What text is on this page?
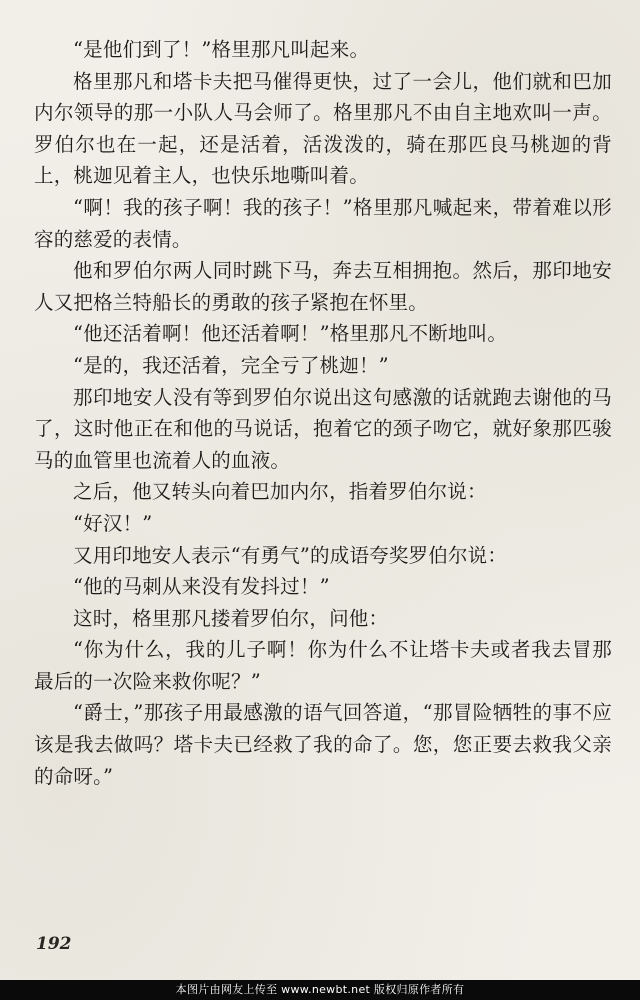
“是他们到了！”格里那凡叫起来。

格里那凡和塔卡夫把马催得更快，过了一会儿，他们就和巴加内尔领导的那一小队人马会师了。格里那凡不由自主地欢叫一声。罗伯尔也在一起，还是活着，活泼泼的，骑在那匹良马桃迦的背上，桃迦见着主人，也快乐地嘶叫着。

“啊！我的孩子啊！我的孩子！”格里那凡喊起来，带着难以形容的慈爱的表情。

他和罗伯尔两人同时跳下马，奔去互相拥抱。然后，那印地安人又把格兰特船长的勇敢的孩子紧抱在怀里。

“他还活着啊！他还活着啊！”格里那凡不断地叫。

“是的，我还活着，完全亏了桃迦！”

那印地安人没有等到罗伯尔说出这句感激的话就跑去谢他的马了，这时他正在和他的马说话，抱着它的颈子吻它，就好象那匹骏马的血管里也流着人的血液。

之后，他又转头向着巴加内尔，指着罗伯尔说：

“好汉！”

又用印地安人表示“有勇气”的成语夸奖罗伯尔说：

“他的马刺从来没有发抖过！”

这时，格里那凡搂着罗伯尔，问他：

“你为什么，我的儿子啊！你为什么不让塔卡夫或者我去冒那最后的一次险来救你呢？”

“爵士，”那孩子用最感激的语气回答道，“那冒险牺牲的事不应该是我去做吗？塔卡夫已经救了我的命了。您，您正要去救我父亲的命呀。”

192
本图片由网友上传至 www.newbt.net 版权归原作者所有
